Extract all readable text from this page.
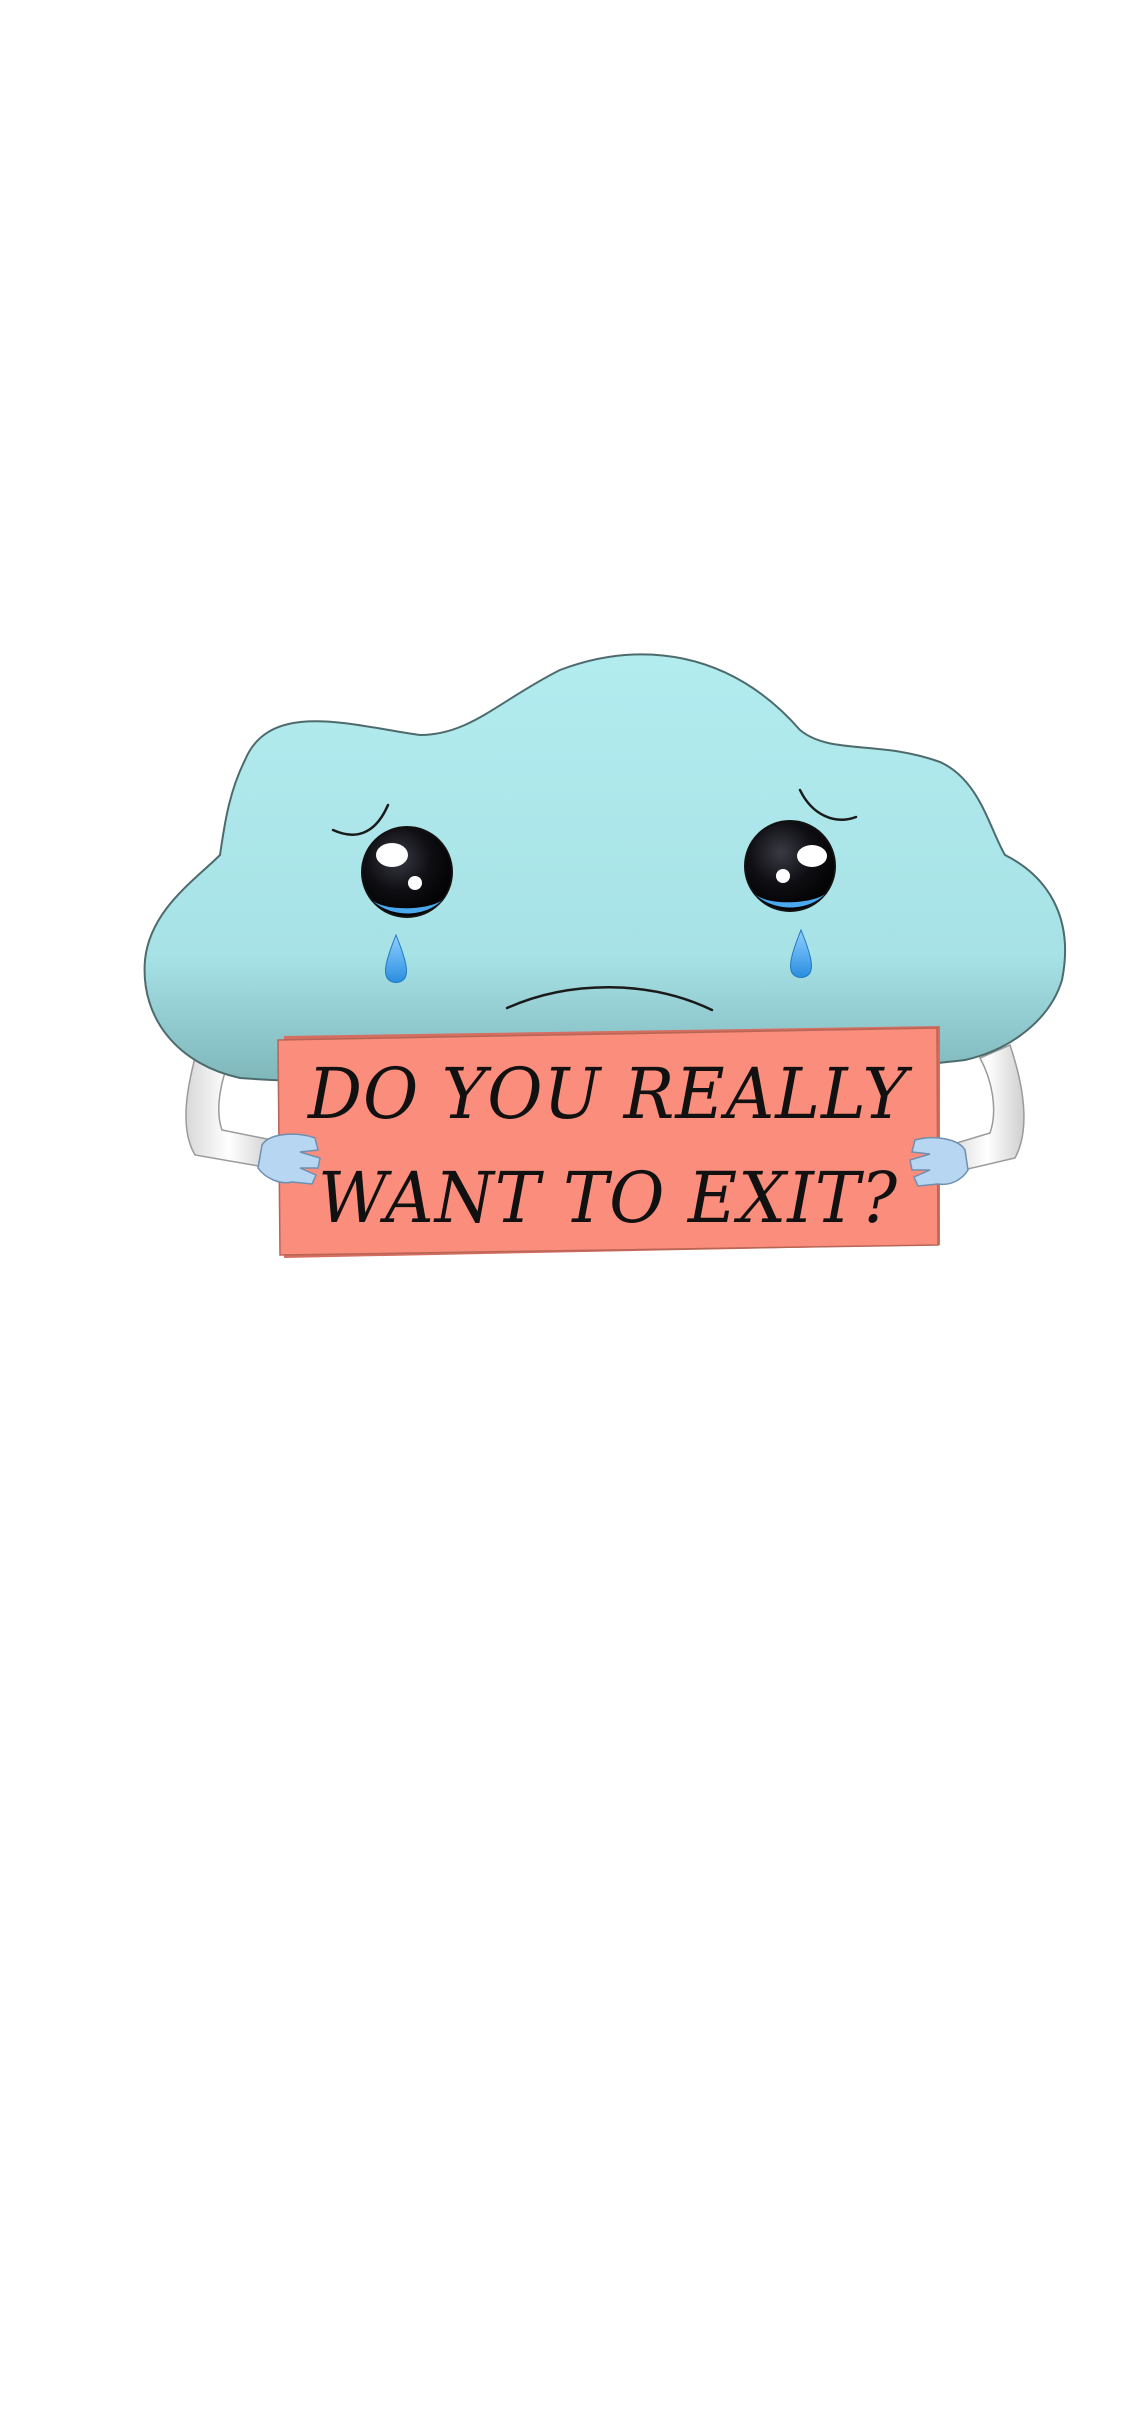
DO YOU REALLY
WANT TO EXIT?
